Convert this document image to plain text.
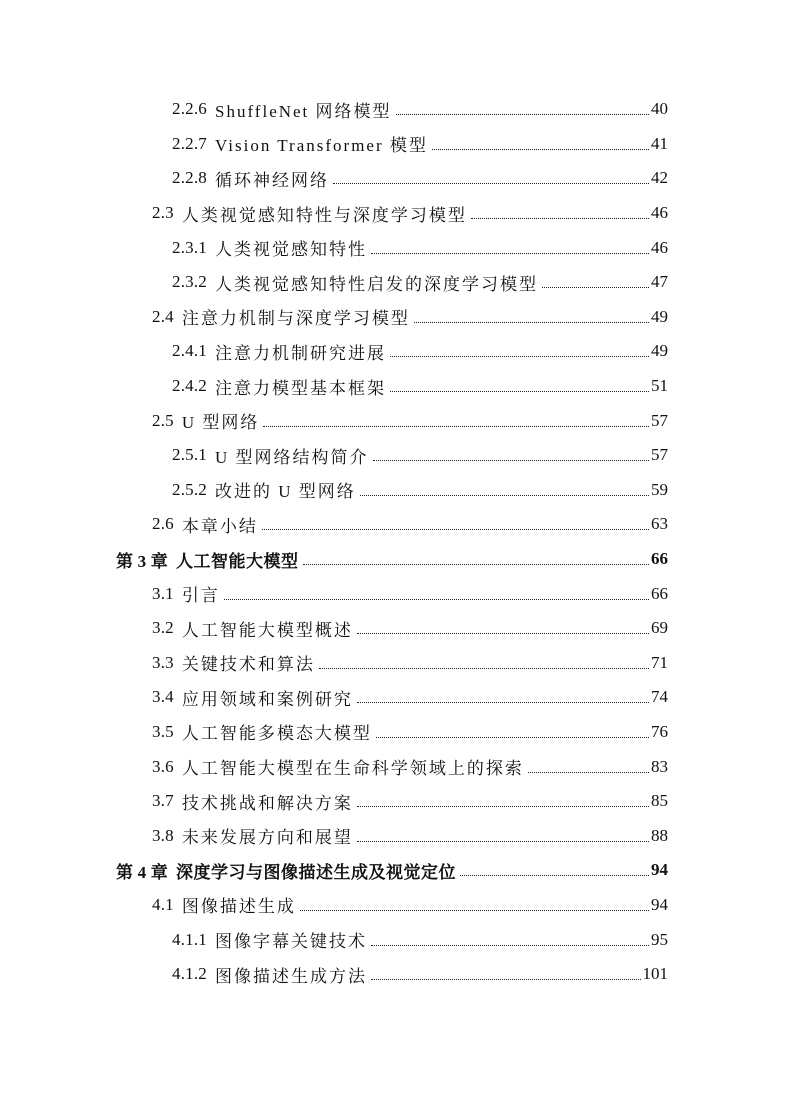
2.2.6 ShuffleNet 网络模型	40
2.2.7 Vision Transformer 模型	41
2.2.8 循环神经网络	42
2.3 人类视觉感知特性与深度学习模型	46
2.3.1 人类视觉感知特性	46
2.3.2 人类视觉感知特性启发的深度学习模型	47
2.4 注意力机制与深度学习模型	49
2.4.1 注意力机制研究进展	49
2.4.2 注意力模型基本框架	51
2.5 U 型网络	57
2.5.1 U 型网络结构简介	57
2.5.2 改进的 U 型网络	59
2.6 本章小结	63
第 3 章 人工智能大模型	66
3.1 引言	66
3.2 人工智能大模型概述	69
3.3 关键技术和算法	71
3.4 应用领域和案例研究	74
3.5 人工智能多模态大模型	76
3.6 人工智能大模型在生命科学领域上的探索	83
3.7 技术挑战和解决方案	85
3.8 未来发展方向和展望	88
第 4 章 深度学习与图像描述生成及视觉定位	94
4.1 图像描述生成	94
4.1.1 图像字幕关键技术	95
4.1.2 图像描述生成方法	101
